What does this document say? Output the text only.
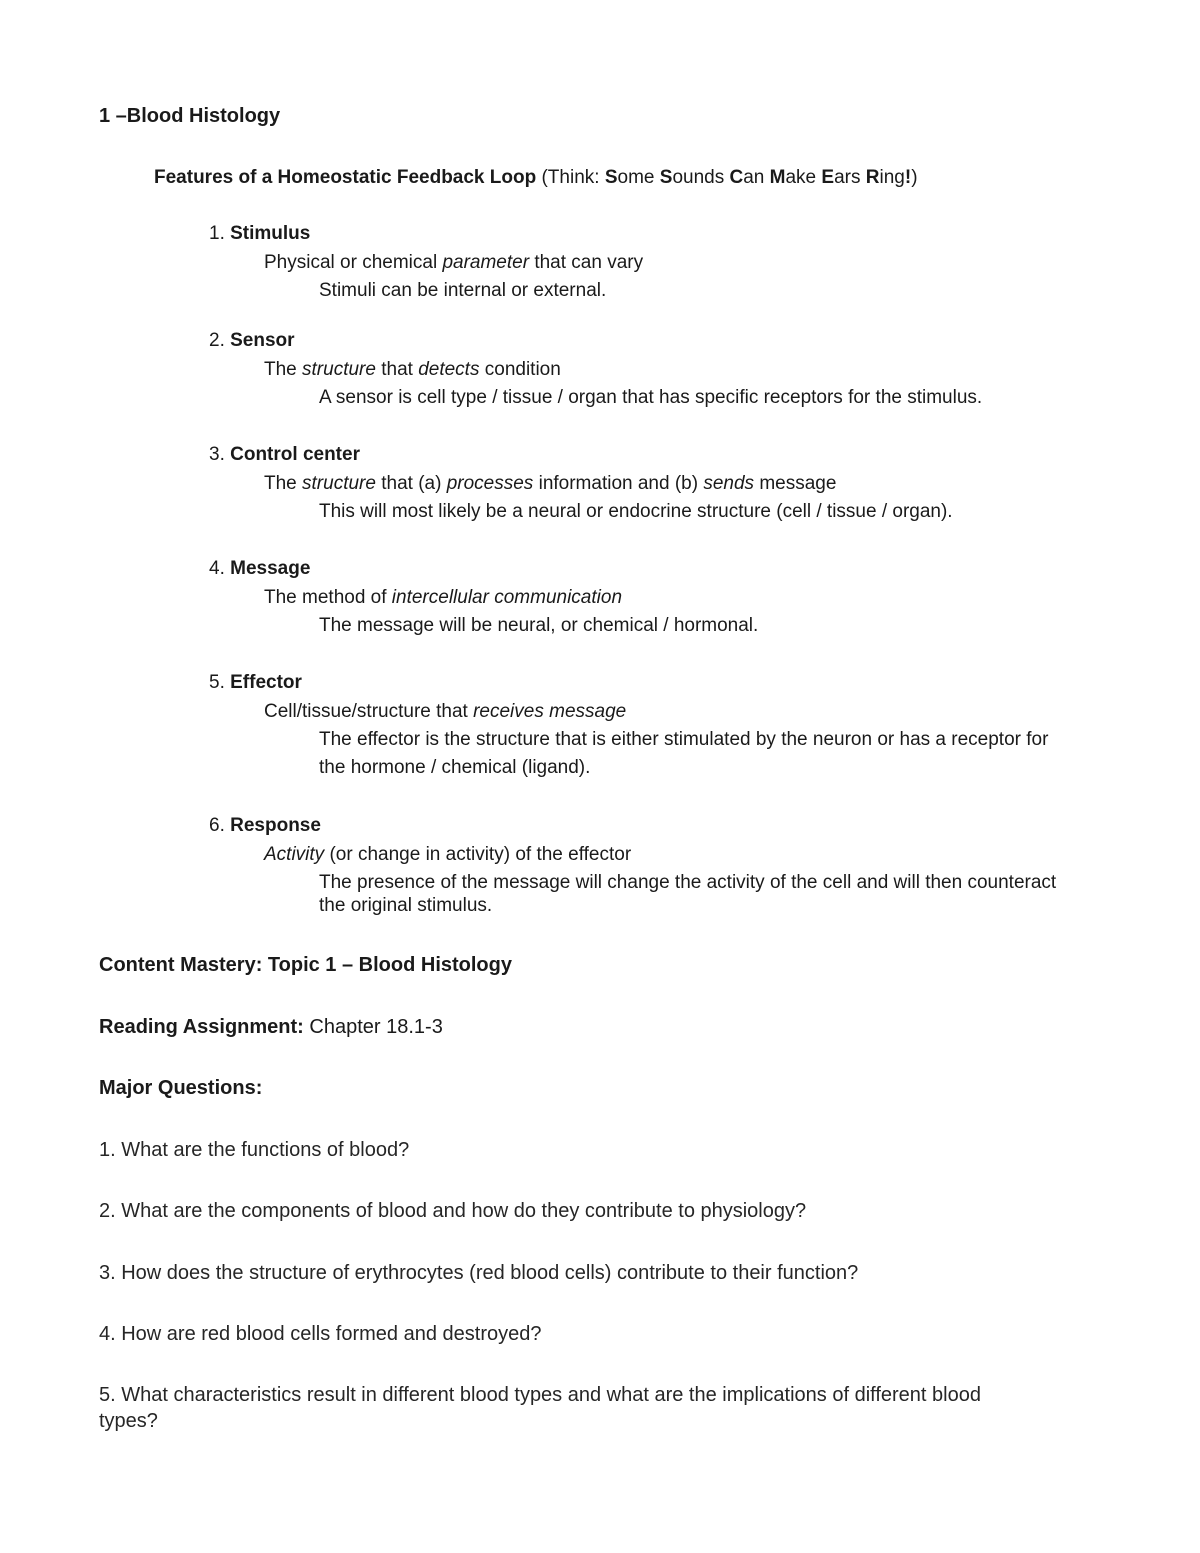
1 –Blood Histology
Features of a Homeostatic Feedback Loop (Think: Some Sounds Can Make Ears Ring!)
1. Stimulus
Physical or chemical parameter that can vary
Stimuli can be internal or external.
2. Sensor
The structure that detects condition
A sensor is cell type / tissue / organ that has specific receptors for the stimulus.
3. Control center
The structure that (a) processes information and (b) sends message
This will most likely be a neural or endocrine structure (cell / tissue / organ).
4. Message
The method of intercellular communication
The message will be neural, or chemical / hormonal.
5. Effector
Cell/tissue/structure that receives message
The effector is the structure that is either stimulated by the neuron or has a receptor for
the hormone / chemical (ligand).
6. Response
Activity (or change in activity) of the effector
The presence of the message will change the activity of the cell and will then counteract
the original stimulus.
Content Mastery: Topic 1 – Blood Histology
Reading Assignment: Chapter 18.1-3
Major Questions:
1. What are the functions of blood?
2. What are the components of blood and how do they contribute to physiology?
3. How does the structure of erythrocytes (red blood cells) contribute to their function?
4. How are red blood cells formed and destroyed?
5. What characteristics result in different blood types and what are the implications of different blood
types?
